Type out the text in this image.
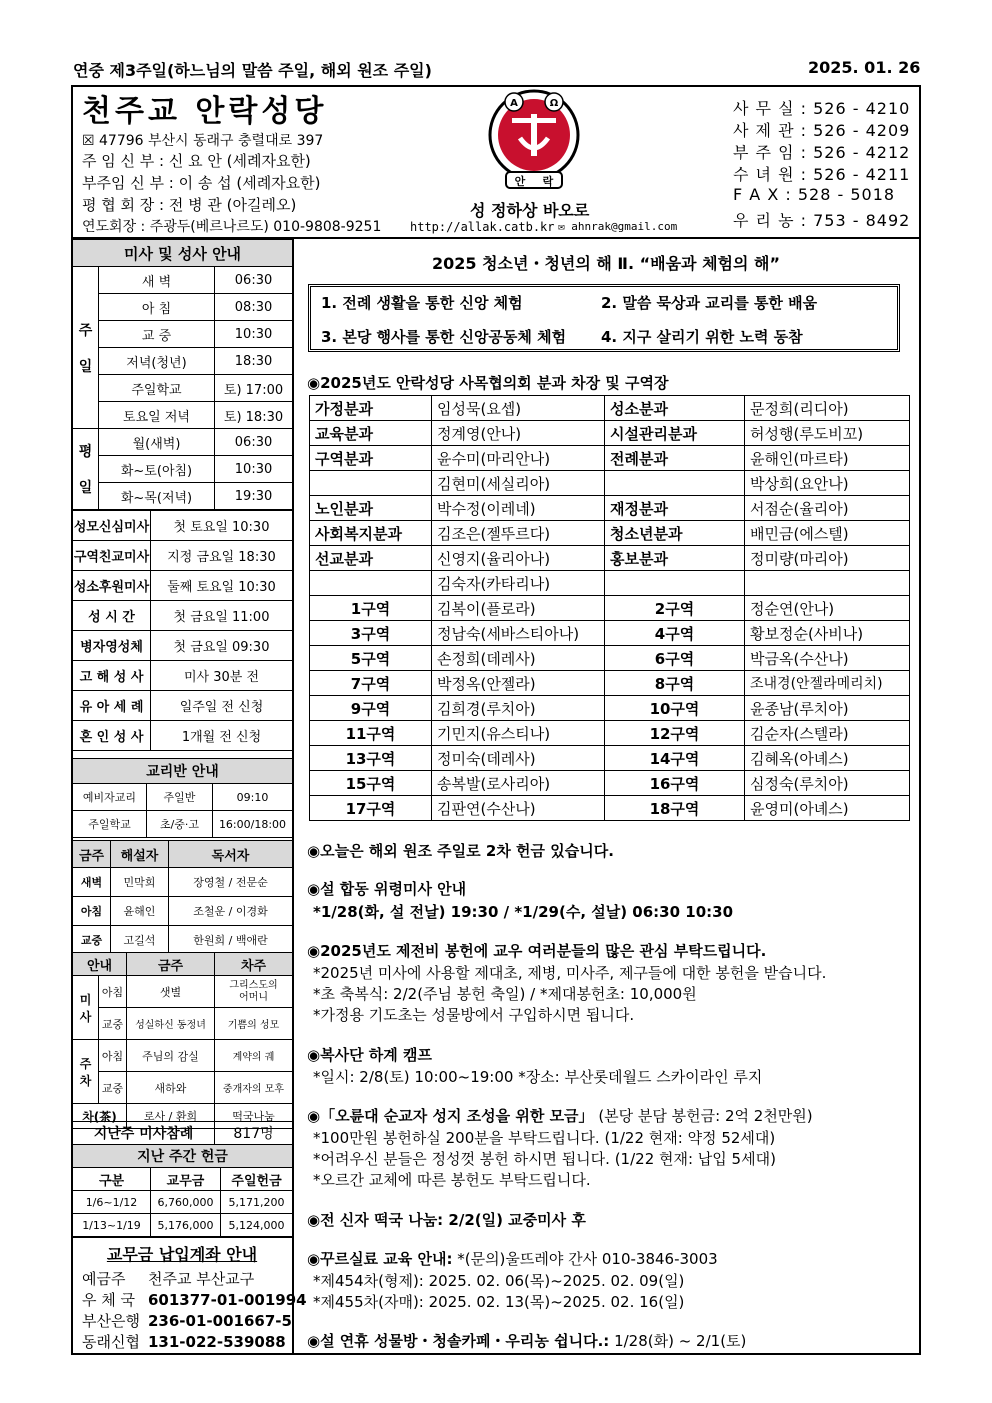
연중 제3주일(하느님의 말씀 주일, 해외 원조 주일)	2025. 01. 26
천주교 안락성당
☒ 47796 부산시 동래구 충렬대로 397
주 임 신 부 : 신 요 안 (세례자요한)
부주임 신 부 : 이 송 섭 (세례자요한)
평 협 회 장 : 전 병 관 (아길레오)
연도회장 : 주광두(베르나르도) 010-9808-9251
A	Ω
안 락
성 정하상 바오로
http://allak.catb.kr ✉ ahnrak@gmail.com
사 무 실 : 526 - 4210
사 제 관 : 526 - 4209
부 주 임 : 526 - 4212
수 녀 원 : 526 - 4211
F A X : 528 - 5018
우 리 농 : 753 - 8492
미사 및 성사 안내		
주

일	새 벽	06:30
	아 침	08:30
	교 중	10:30
	저녁(청년)	18:30
	주일학교	토) 17:00
	토요일 저녁	토) 18:30
평

일	월(새벽)	06:30
	화~토(아침)	10:30
	화~목(저녁)	19:30
성모신심미사	첫 토요일 10:30
구역친교미사	지정 금요일 18:30
성소후원미사	둘째 토요일 10:30
성 시 간	첫 금요일 11:00
병자영성체	첫 금요일 09:30
고 해 성 사	미사 30분 전
유 아 세 례	일주일 전 신청
혼 인 성 사	1개월 전 신청
교리반 안내		
예비자교리	주일반	09:10
주일학교	초/중·고	16:00/18:00
금주	해설자	독서자
새벽	민막희	장영철 / 전문순
아침	윤해인	조철운 / 이경화
교중	고길석	한원희 / 백애란
안내		금주	차주
미
사	아침	샛별	그리스도의
어머니
	교중	성실하신 동정녀	기쁨의 성모
주
차	아침	주님의 감실	계약의 궤
	교중	새하와	중개자의 모후
차(茶)		로사 / 환희	떡국나눔
지난주 미사참례	817명
지난 주간 헌금		
구분	교무금	주일헌금
1/6~1/12	6,760,000	5,171,200
1/13~1/19	5,176,000	5,124,000
교무금 납입계좌 안내
예금주 천주교 부산교구
우 체 국 601377-01-001994
부산은행 236-01-001667-5
동래신협 131-022-539088
2025 청소년・청년의 해 Ⅱ. “배움과 체험의 해”
1. 전례 생활을 통한 신앙 체험	2. 말씀 묵상과 교리를 통한 배움
3. 본당 행사를 통한 신앙공동체 체험 4. 지구 살리기 위한 노력 동참
◉2025년도 안락성당 사목협의회 분과 차장 및 구역장
가정분과	임성묵(요셉)	성소분과	문정희(리디아)
교육분과	정계영(안나)	시설관리분과	허성행(루도비꼬)
구역분과	윤수미(마리안나)	전례분과	윤해인(마르타)
	김현미(세실리아)		박상희(요안나)
노인분과	박수정(이레네)	재정분과	서점순(율리아)
사회복지분과	김조은(젤뚜르다)	청소년분과	배민금(에스텔)
선교분과	신영지(율리아나)	홍보분과	정미량(마리아)
	김숙자(카타리나)		
1구역	김복이(플로라)	2구역	정순연(안나)
3구역	정남숙(세바스티아나)	4구역	황보정순(사비나)
5구역	손정희(데레사)	6구역	박금옥(수산나)
7구역	박정옥(안젤라)	8구역	조내경(안젤라메리치)
9구역	김희경(루치아)	10구역	윤종남(루치아)
11구역	기민지(유스티나)	12구역	김순자(스텔라)
13구역	정미숙(데레사)	14구역	김혜옥(아녜스)
15구역	송복발(로사리아)	16구역	심정숙(루치아)
17구역	김판연(수산나)	18구역	윤영미(아녜스)
◉오늘은 해외 원조 주일로 2차 헌금 있습니다.
◉설 합동 위령미사 안내
*1/28(화, 설 전날) 19:30 / *1/29(수, 설날) 06:30 10:30
◉2025년도 제전비 봉헌에 교우 여러분들의 많은 관심 부탁드립니다.
*2025년 미사에 사용할 제대초, 제병, 미사주, 제구들에 대한 봉헌을 받습니다.
*초 축복식: 2/2(주님 봉헌 축일) / *제대봉헌초: 10,000원
*가정용 기도초는 성물방에서 구입하시면 됩니다.
◉복사단 하계 캠프
*일시: 2/8(토) 10:00~19:00 *장소: 부산롯데월드 스카이라인 루지
◉「오륜대 순교자 성지 조성을 위한 모금」 (본당 분담 봉헌금: 2억 2천만원)
*100만원 봉헌하실 200분을 부탁드립니다. (1/22 현재: 약정 52세대)
*어려우신 분들은 정성껏 봉헌 하시면 됩니다. (1/22 현재: 납입 5세대)
*오르간 교체에 따른 봉헌도 부탁드립니다.
◉전 신자 떡국 나눔: 2/2(일) 교중미사 후
◉꾸르실료 교육 안내: *(문의)울뜨레야 간사 010-3846-3003
*제454차(형제): 2025. 02. 06(목)~2025. 02. 09(일)
*제455차(자매): 2025. 02. 13(목)~2025. 02. 16(일)
◉설 연휴 성물방・청솔카페・우리농 쉽니다.: 1/28(화) ~ 2/1(토)
